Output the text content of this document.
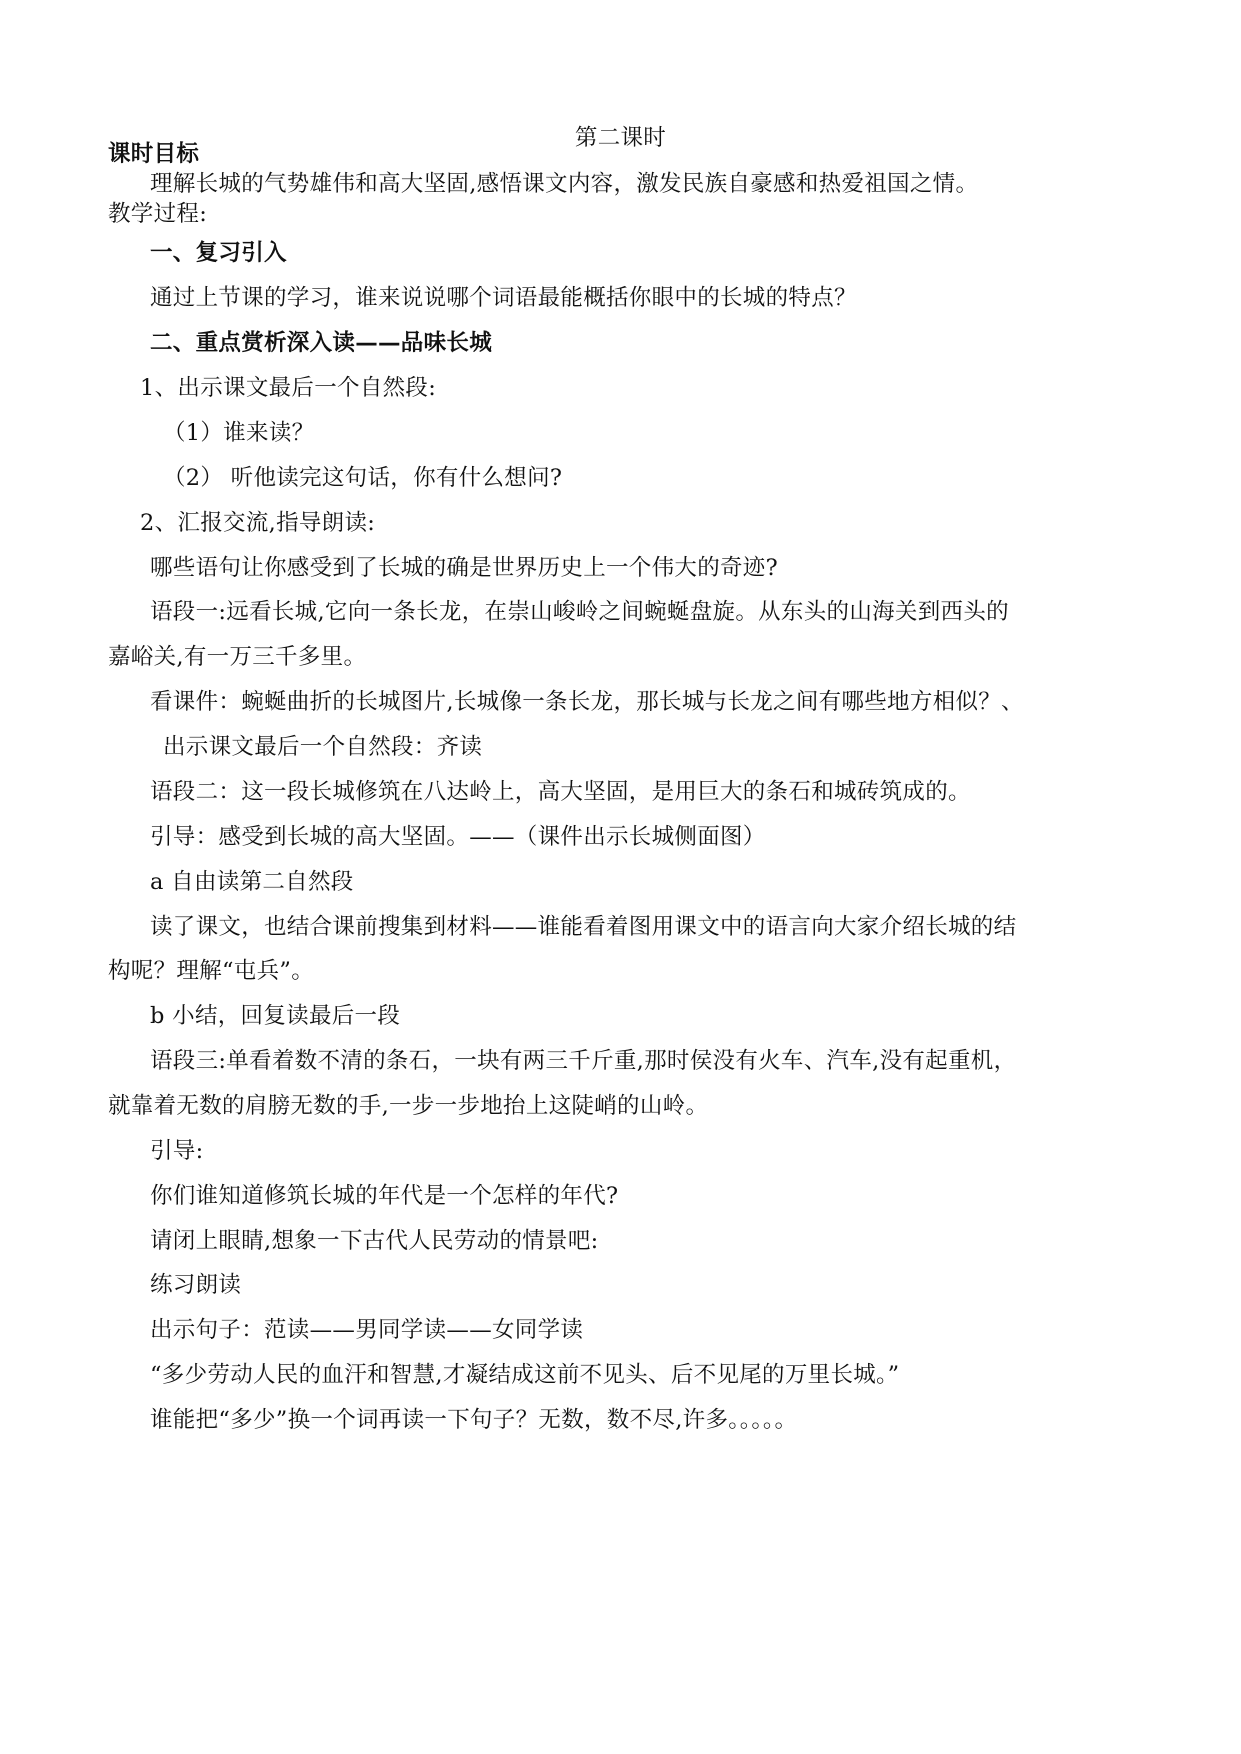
第二课时
课时目标
理解长城的气势雄伟和高大坚固,感悟课文内容，激发民族自豪感和热爱祖国之情。
教学过程:
一、复习引入
通过上节课的学习，谁来说说哪个词语最能概括你眼中的长城的特点？
二、重点赏析深入读——品味长城
1、出示课文最后一个自然段:
（1）谁来读？
（2） 听他读完这句话，你有什么想问?
2、汇报交流,指导朗读:
哪些语句让你感受到了长城的确是世界历史上一个伟大的奇迹?
语段一:远看长城,它向一条长龙，在崇山峻岭之间蜿蜒盘旋。从东头的山海关到西头的
嘉峪关,有一万三千多里。
看课件：蜿蜒曲折的长城图片,长城像一条长龙，那长城与长龙之间有哪些地方相似？、
出示课文最后一个自然段：齐读
语段二：这一段长城修筑在八达岭上，高大坚固，是用巨大的条石和城砖筑成的。
引导：感受到长城的高大坚固。——（课件出示长城侧面图）
a 自由读第二自然段
读了课文，也结合课前搜集到材料——谁能看着图用课文中的语言向大家介绍长城的结
构呢？理解“屯兵”。
b 小结，回复读最后一段
语段三:单看着数不清的条石，一块有两三千斤重,那时侯没有火车、汽车,没有起重机，
就靠着无数的肩膀无数的手,一步一步地抬上这陡峭的山岭。
引导:
你们谁知道修筑长城的年代是一个怎样的年代?
请闭上眼睛,想象一下古代人民劳动的情景吧:
练习朗读
出示句子：范读——男同学读——女同学读
“多少劳动人民的血汗和智慧,才凝结成这前不见头、后不见尾的万里长城。”
谁能把“多少”换一个词再读一下句子？无数，数不尽,许多。。。。。
